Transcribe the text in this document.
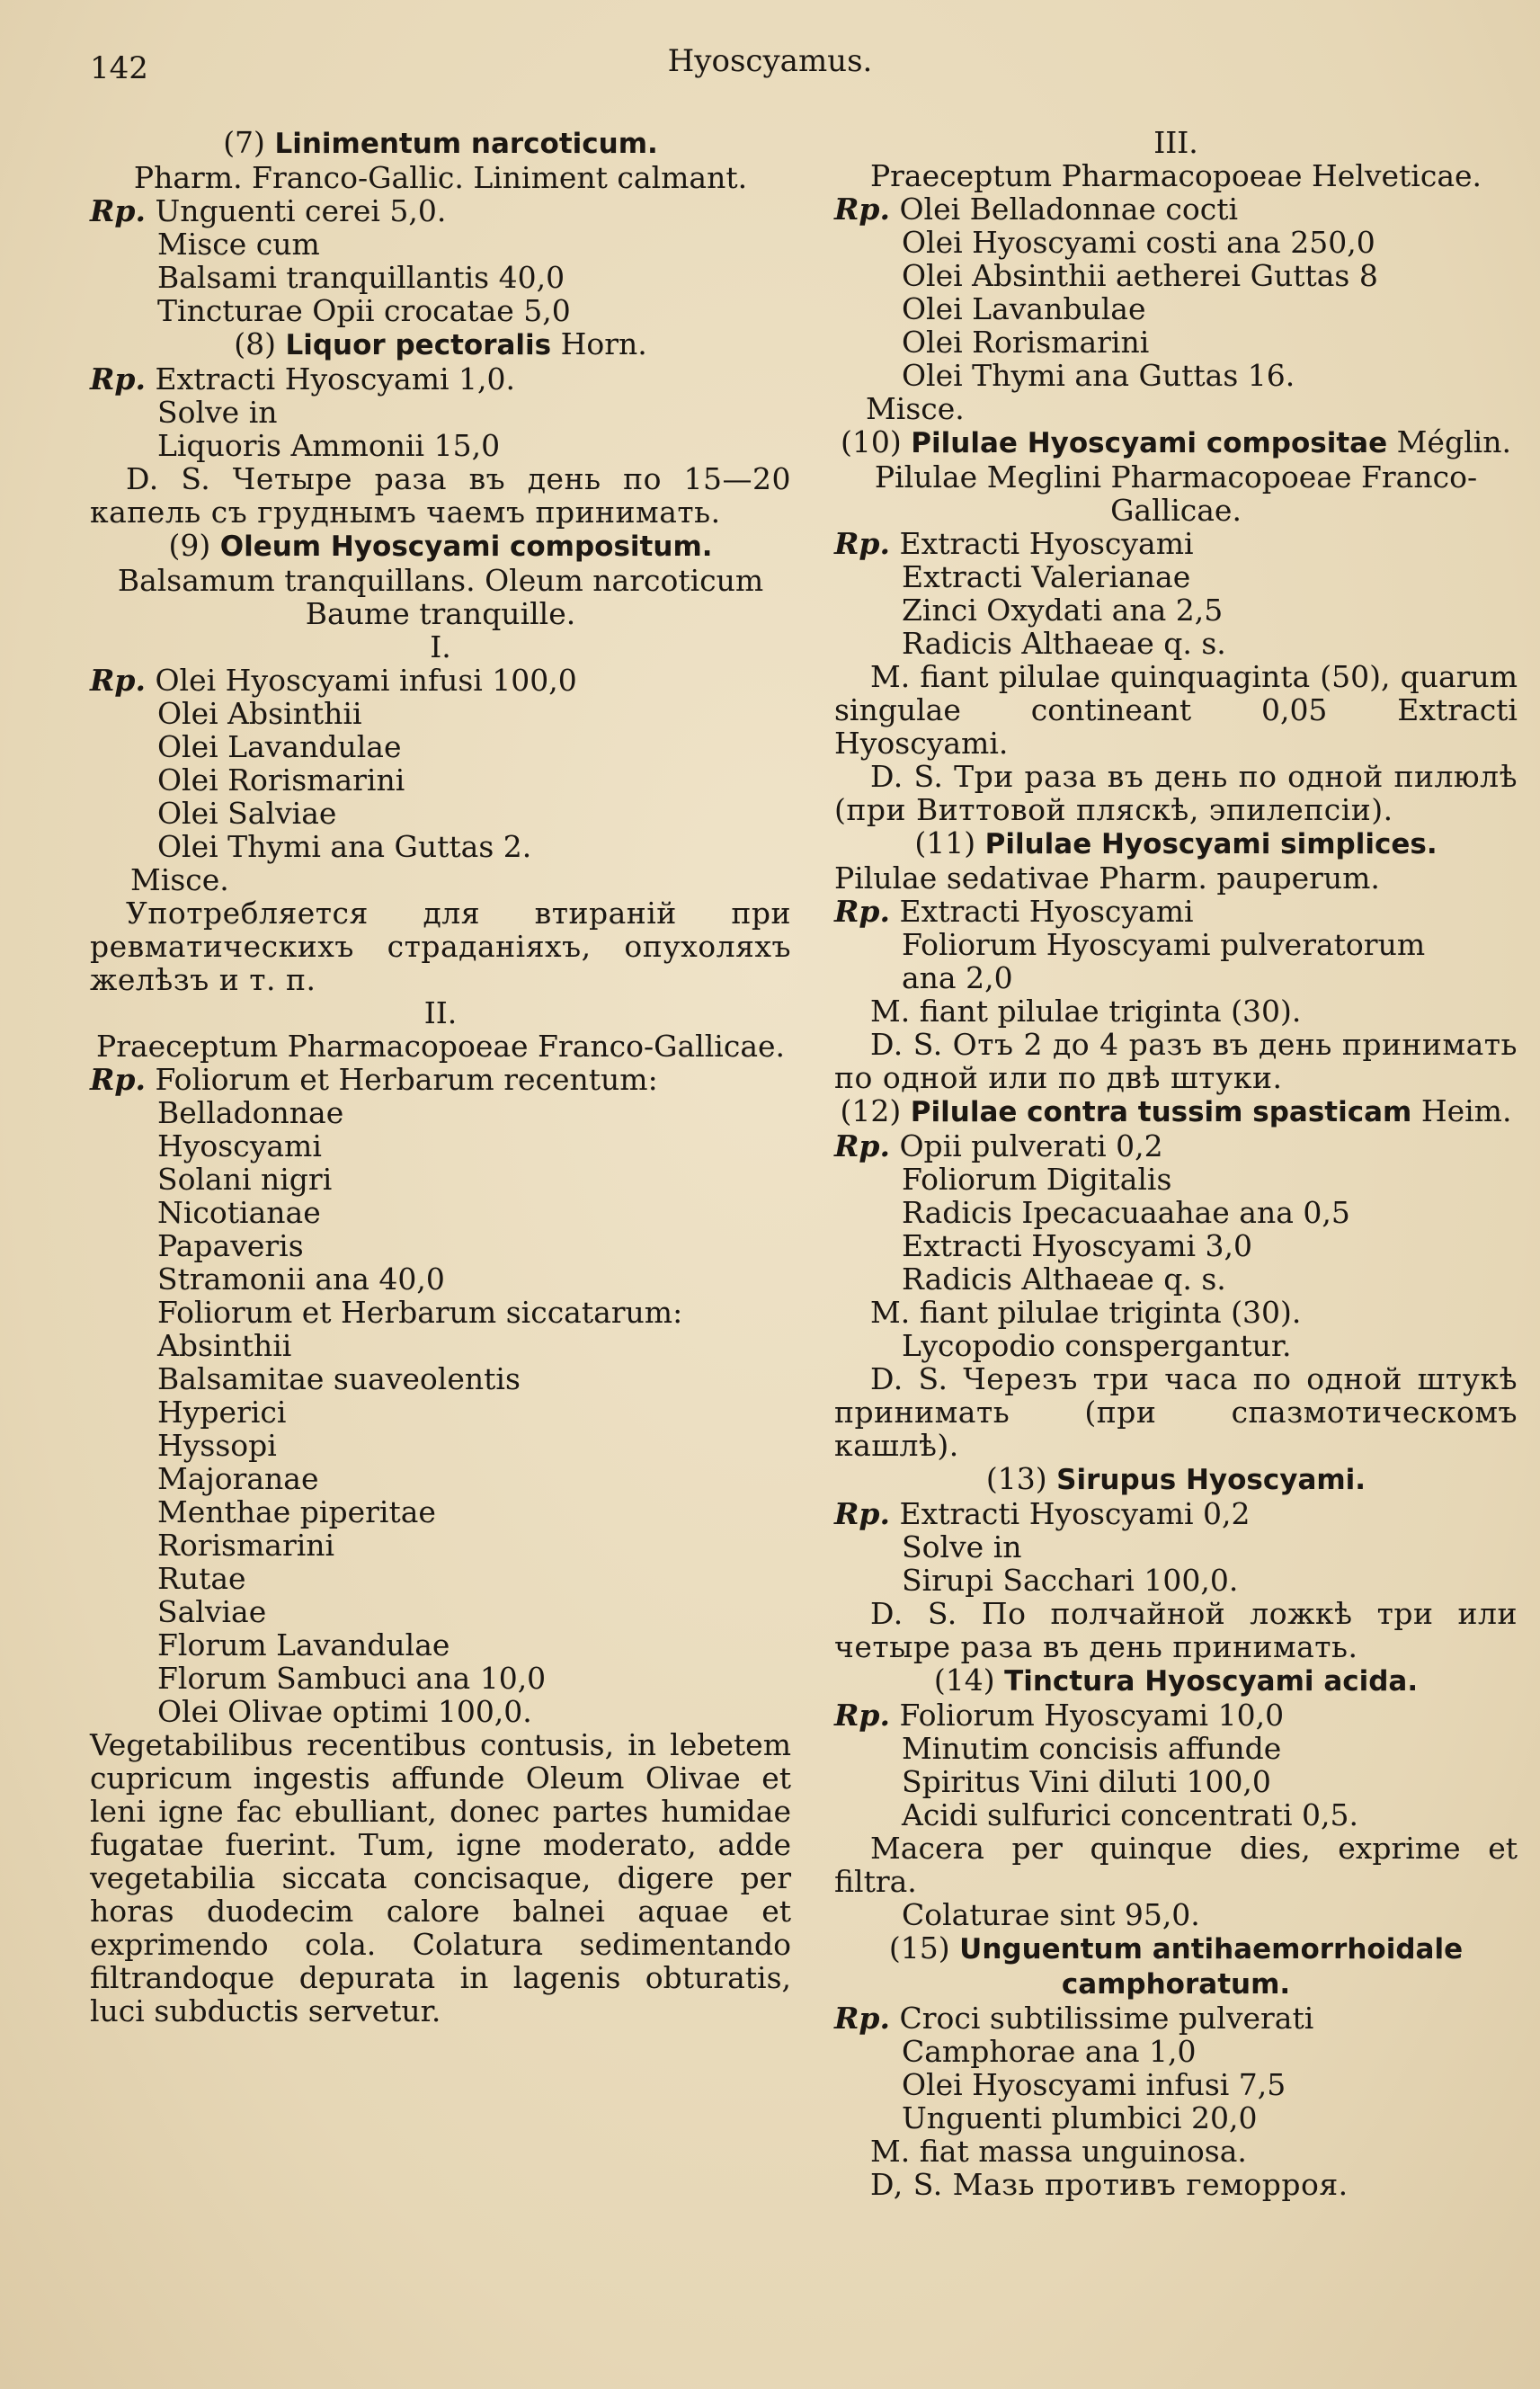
142	Hyoscyamus.

(7) Linimentum narcoticum.

Pharm. Franco-Gallic. Liniment calmant.

Rp. Unguenti cerei 5,0.

Misce cum

Balsami tranquillantis 40,0

Tincturae Opii crocatae 5,0

(8) Liquor pectoralis Horn.

Rp. Extracti Hyoscyami 1,0.

Solve in

Liquoris Ammonii 15,0

D. S. Четыре раза въ день по 15—20 капель съ груднымъ чаемъ принимать.

(9) Oleum Hyoscyami compositum.

Balsamum tranquillans. Oleum narcoticum Baume tranquille.

I.

Rp. Olei Hyoscyami infusi 100,0

Olei Absinthii

Olei Lavandulae

Olei Rorismarini

Olei Salviae

Olei Thymi ana Guttas 2.

Misce.

Употребляется для втираній при ревматическихъ страданіяхъ, опухоляхъ желѣзъ и т. п.

II.

Praeceptum Pharmacopoeae Franco-Gallicae.

Rp. Foliorum et Herbarum recentum:

Belladonnae

Hyoscyami

Solani nigri

Nicotianae

Papaveris

Stramonii ana 40,0

Foliorum et Herbarum siccatarum:

Absinthii

Balsamitae suaveolentis

Hyperici

Hyssopi

Majoranae

Menthae piperitae

Rorismarini

Rutae

Salviae

Florum Lavandulae

Florum Sambuci ana 10,0

Olei Olivae optimi 100,0.

Vegetabilibus recentibus contusis, in lebetem cupricum ingestis affunde Oleum Olivae et leni igne fac ebulliant, donec partes humidae fugatae fuerint. Tum, igne moderato, adde vegetabilia siccata concisaque, digere per horas duodecim calore balnei aquae et exprimendo cola. Colatura sedimentando filtrandoque depurata in lagenis obturatis, luci subductis servetur.

III.

Praeceptum Pharmacopoeae Helveticae.

Rp. Olei Belladonnae cocti

Olei Hyoscyami costi ana 250,0

Olei Absinthii aetherei Guttas 8

Olei Lavanbulae

Olei Rorismarini

Olei Thymi ana Guttas 16.

Misce.

(10) Pilulae Hyoscyami compositae Méglin.

Pilulae Meglini Pharmacopoeae Franco-Gallicae.

Rp. Extracti Hyoscyami

Extracti Valerianae

Zinci Oxydati ana 2,5

Radicis Althaeae q. s.

M. fiant pilulae quinquaginta (50), quarum singulae contineant 0,05 Extracti Hyoscyami.

D. S. Три раза въ день по одной пилюлѣ (при Виттовой пляскѣ, эпилепсіи).

(11) Pilulae Hyoscyami simplices.

Pilulae sedativae Pharm. pauperum.

Rp. Extracti Hyoscyami

Foliorum Hyoscyami pulveratorum

ana 2,0

M. fiant pilulae triginta (30).

D. S. Отъ 2 до 4 разъ въ день принимать по одной или по двѣ штуки.

(12) Pilulae contra tussim spasticam Heim.

Rp. Opii pulverati 0,2

Foliorum Digitalis

Radicis Ipecacuaahae ana 0,5

Extracti Hyoscyami 3,0

Radicis Althaeae q. s.

M. fiant pilulae triginta (30).

Lycopodio conspergantur.

D. S. Черезъ три часа по одной штукѣ принимать (при спазмотическомъ кашлѣ).

(13) Sirupus Hyoscyami.

Rp. Extracti Hyoscyami 0,2

Solve in

Sirupi Sacchari 100,0.

D. S. По полчайной ложкѣ три или четыре раза въ день принимать.

(14) Tinctura Hyoscyami acida.

Rp. Foliorum Hyoscyami 10,0

Minutim concisis affunde

Spiritus Vini diluti 100,0

Acidi sulfurici concentrati 0,5.

Macera per quinque dies, exprime et filtra.

Colaturae sint 95,0.

(15) Unguentum antihaemorrhoidale camphoratum.

Rp. Croci subtilissime pulverati

Camphorae ana 1,0

Olei Hyoscyami infusi 7,5

Unguenti plumbici 20,0

M. fiat massa unguinosa.

D, S. Мазь противъ геморроя.
